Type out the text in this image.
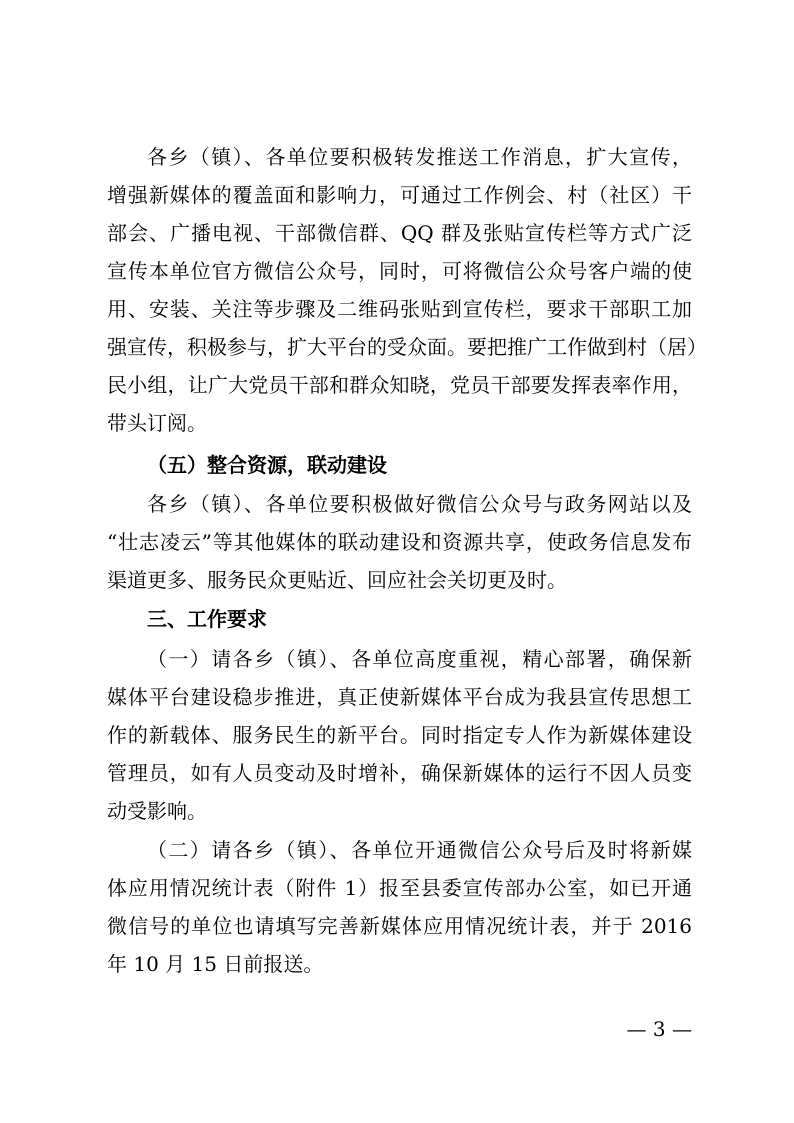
各乡（镇）、各单位要积极转发推送工作消息，扩大宣传，
增强新媒体的覆盖面和影响力，可通过工作例会、村（社区）干
部会、广播电视、干部微信群、QQ 群及张贴宣传栏等方式广泛
宣传本单位官方微信公众号，同时，可将微信公众号客户端的使
用、安装、关注等步骤及二维码张贴到宣传栏，要求干部职工加
强宣传，积极参与，扩大平台的受众面。要把推广工作做到村（居）
民小组，让广大党员干部和群众知晓，党员干部要发挥表率作用，
带头订阅。
（五）整合资源，联动建设
各乡（镇）、各单位要积极做好微信公众号与政务网站以及
“壮志凌云”等其他媒体的联动建设和资源共享，使政务信息发布
渠道更多、服务民众更贴近、回应社会关切更及时。
三、工作要求
（一）请各乡（镇）、各单位高度重视，精心部署，确保新
媒体平台建设稳步推进，真正使新媒体平台成为我县宣传思想工
作的新载体、服务民生的新平台。同时指定专人作为新媒体建设
管理员，如有人员变动及时增补，确保新媒体的运行不因人员变
动受影响。
（二）请各乡（镇）、各单位开通微信公众号后及时将新媒
体应用情况统计表（附件 1）报至县委宣传部办公室，如已开通
微信号的单位也请填写完善新媒体应用情况统计表，并于 2016
年 10 月 15 日前报送。
— 3 —
